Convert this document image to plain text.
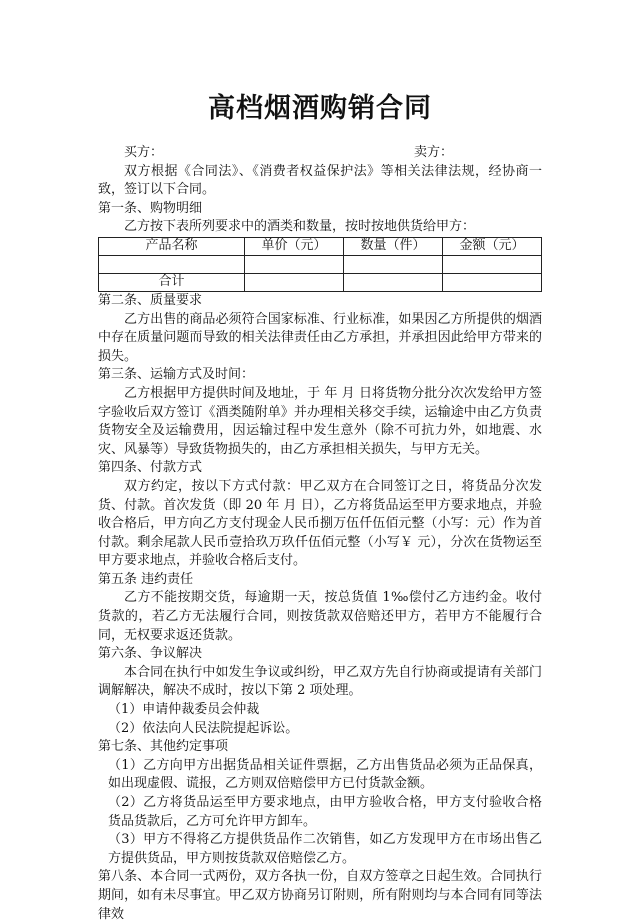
高档烟酒购销合同
买方：	卖方：

双方根据《合同法》、《消费者权益保护法》等相关法律法规，经协商一致，签订以下合同。

第一条、购物明细

乙方按下表所列要求中的酒类和数量，按时按地供货给甲方：

产品名称	单价（元）	数量（件）	金额（元）

合计			
第二条、质量要求

乙方出售的商品必须符合国家标准、行业标准，如果因乙方所提供的烟酒中存在质量问题而导致的相关法律责任由乙方承担，并承担因此给甲方带来的损失。

第三条、运输方式及时间：

乙方根据甲方提供时间及地址，于 年 月 日将货物分批分次次发给甲方签字验收后双方签订《酒类随附单》并办理相关移交手续，运输途中由乙方负责货物安全及运输费用，因运输过程中发生意外（除不可抗力外，如地震、水灾、风暴等）导致货物损失的，由乙方承担相关损失，与甲方无关。

第四条、付款方式

双方约定，按以下方式付款：甲乙双方在合同签订之日，将货品分次发货、付款。首次发货（即 20 年 月 日），乙方将货品运至甲方要求地点，并验收合格后，甲方向乙方支付现金人民币捌万伍仟伍佰元整（小写：元）作为首付款。剩余尾款人民币壹拾玖万玖仟伍佰元整（小写￥ 元），分次在货物运至甲方要求地点，并验收合格后支付。

第五条 违约责任

乙方不能按期交货，每逾期一天，按总货值 1‰偿付乙方违约金。收付货款的，若乙方无法履行合同，则按货款双倍赔还甲方，若甲方不能履行合同，无权要求返还货款。

第六条、争议解决

本合同在执行中如发生争议或纠纷，甲乙双方先自行协商或提请有关部门调解解决，解决不成时，按以下第 2 项处理。

（1）申请仲裁委员会仲裁
（2）依法向人民法院提起诉讼。
第七条、其他约定事项

（1）乙方向甲方出据货品相关证件票据，乙方出售货品必须为正品保真，如出现虚假、谎报，乙方则双倍赔偿甲方已付货款金额。

（2）乙方将货品运至甲方要求地点，由甲方验收合格，甲方支付验收合格货品货款后，乙方可允许甲方卸车。

（3）甲方不得将乙方提供货品作二次销售，如乙方发现甲方在市场出售乙方提供货品，甲方则按货款双倍赔偿乙方。

第八条、本合同一式两份，双方各执一份，自双方签章之日起生效。合同执行期间，如有未尽事宜。甲乙双方协商另订附则，所有附则均与本合同有同等法律效
